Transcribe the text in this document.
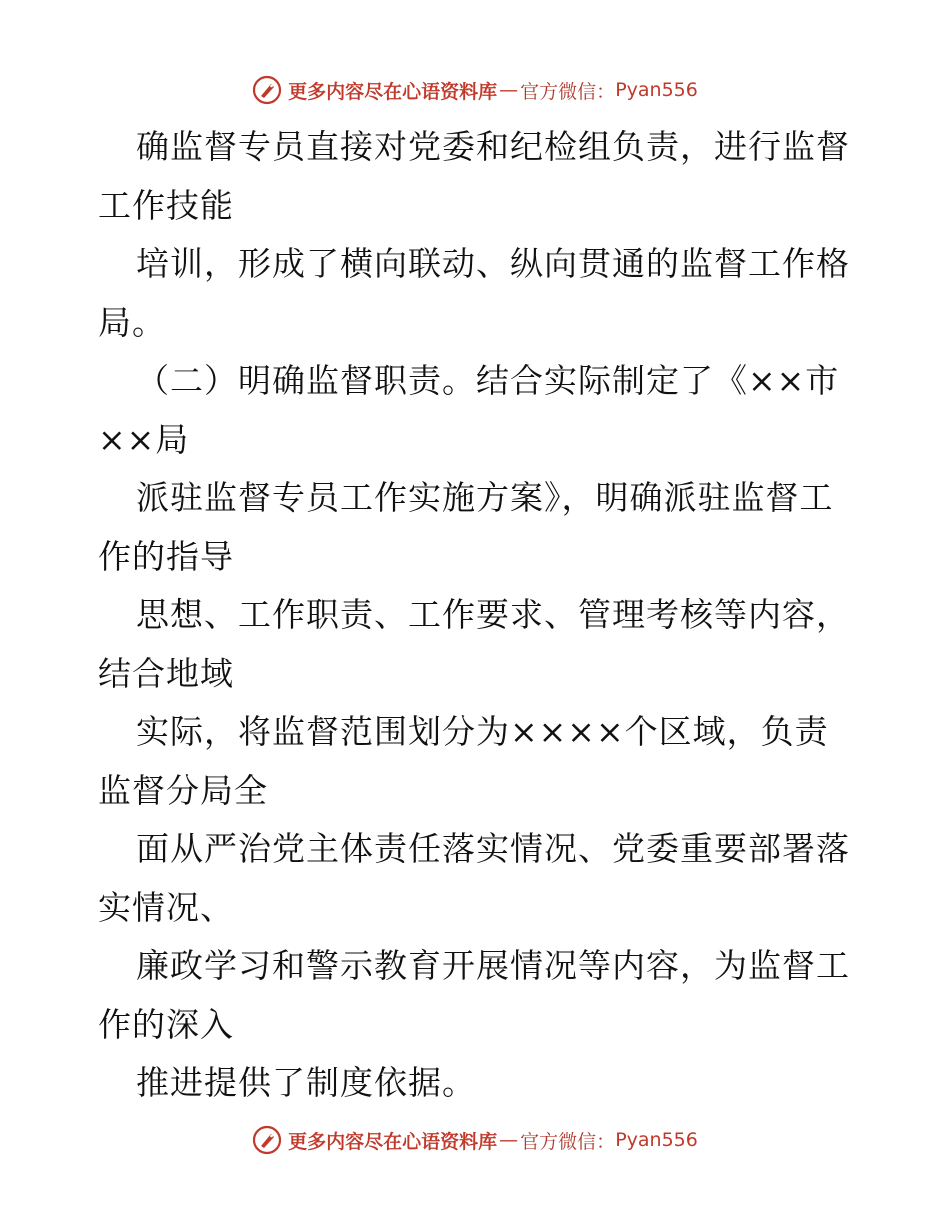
更多内容尽在心语资料库 — 官方微信： Pyan556
确监督专员直接对党委和纪检组负责，进行监督
工作技能
培训，形成了横向联动、纵向贯通的监督工作格
局。
（二）明确监督职责。结合实际制定了《××市
××局
派驻监督专员工作实施方案》，明确派驻监督工
作的指导
思想、工作职责、工作要求、管理考核等内容，
结合地域
实际，将监督范围划分为××××个区域，负责
监督分局全
面从严治党主体责任落实情况、党委重要部署落
实情况、
廉政学习和警示教育开展情况等内容，为监督工
作的深入
推进提供了制度依据。
更多内容尽在心语资料库 — 官方微信： Pyan556
